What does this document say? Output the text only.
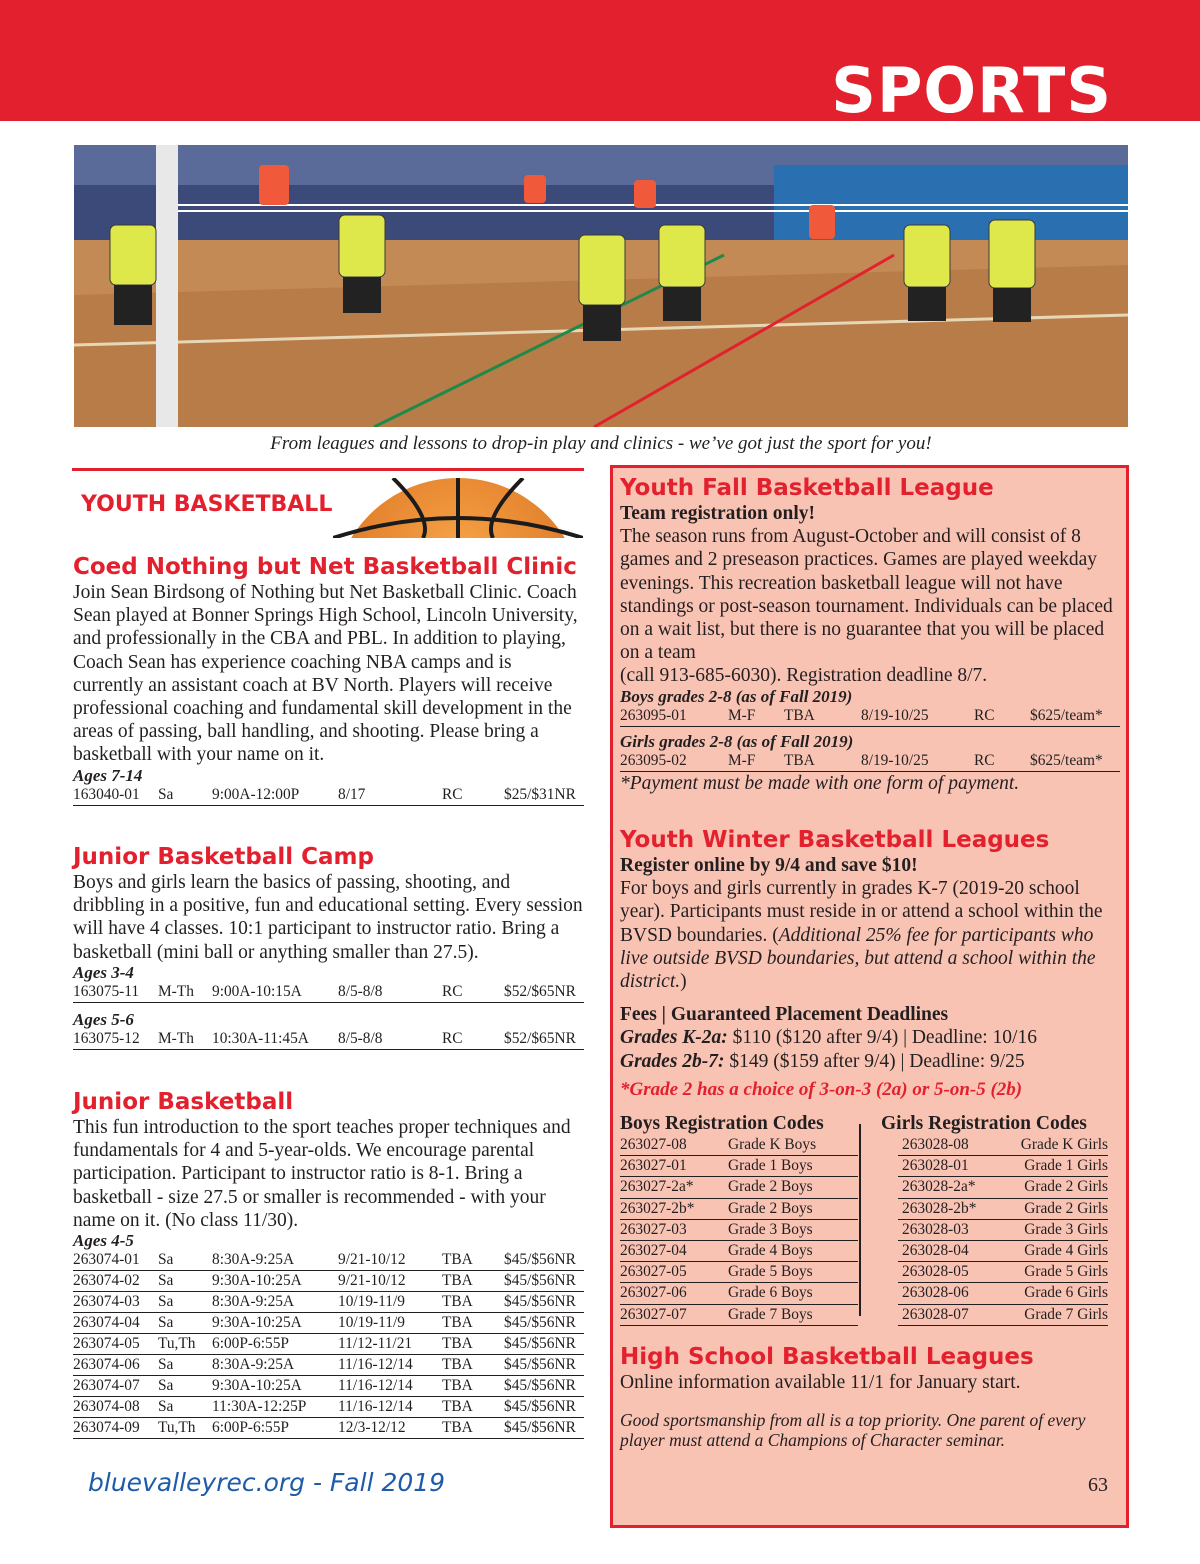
SPORTS
From leagues and lessons to drop-in play and clinics - we’ve got just the sport for you!
YOUTH BASKETBALL
Coed Nothing but Net Basketball Clinic
Join Sean Birdsong of Nothing but Net Basketball Clinic. Coach Sean played at Bonner Springs High School, Lincoln University, and professionally in the CBA and PBL. In addition to playing, Coach Sean has experience coaching NBA camps and is currently an assistant coach at BV North. Players will receive professional coaching and fundamental skill development in the areas of passing, ball handling, and shooting. Please bring a basketball with your name on it.
Ages 7-14
163040-01	Sa	9:00A-12:00P	8/17	RC	$25/$31NR
Junior Basketball Camp
Boys and girls learn the basics of passing, shooting, and dribbling in a positive, fun and educational setting. Every session will have 4 classes. 10:1 participant to instructor ratio. Bring a basketball (mini ball or anything smaller than 27.5).
Ages 3-4
163075-11	M-Th	9:00A-10:15A	8/5-8/8	RC	$52/$65NR
Ages 5-6
163075-12	M-Th	10:30A-11:45A	8/5-8/8	RC	$52/$65NR
Junior Basketball
This fun introduction to the sport teaches proper techniques and fundamentals for 4 and 5-year-olds. We encourage parental participation. Participant to instructor ratio is 8-1. Bring a basketball - size 27.5 or smaller is recommended - with your name on it. (No class 11/30).
Ages 4-5
263074-01	Sa	8:30A-9:25A	9/21-10/12	TBA	$45/$56NR
263074-02	Sa	9:30A-10:25A	9/21-10/12	TBA	$45/$56NR
263074-03	Sa	8:30A-9:25A	10/19-11/9	TBA	$45/$56NR
263074-04	Sa	9:30A-10:25A	10/19-11/9	TBA	$45/$56NR
263074-05	Tu,Th	6:00P-6:55P	11/12-11/21	TBA	$45/$56NR
263074-06	Sa	8:30A-9:25A	11/16-12/14	TBA	$45/$56NR
263074-07	Sa	9:30A-10:25A	11/16-12/14	TBA	$45/$56NR
263074-08	Sa	11:30A-12:25P	11/16-12/14	TBA	$45/$56NR
263074-09	Tu,Th	6:00P-6:55P	12/3-12/12	TBA	$45/$56NR
Youth Fall Basketball League
Team registration only!
The season runs from August-October and will consist of 8 games and 2 preseason practices. Games are played weekday evenings. This recreation basketball league will not have standings or post-season tournament. Individuals can be placed on a wait list, but there is no guarantee that you will be placed on a team
(call 913-685-6030). Registration deadline 8/7.
Boys grades 2-8 (as of Fall 2019)
263095-01	M-F	TBA	8/19-10/25	RC	$625/team*
Girls grades 2-8 (as of Fall 2019)
263095-02	M-F	TBA	8/19-10/25	RC	$625/team*
*Payment must be made with one form of payment.
Youth Winter Basketball Leagues
Register online by 9/4 and save $10!
For boys and girls currently in grades K-7 (2019-20 school year). Participants must reside in or attend a school within the BVSD boundaries. (Additional 25% fee for participants who live outside BVSD boundaries, but attend a school within the district.)
Fees | Guaranteed Placement Deadlines
Grades K-2a: $110 ($120 after 9/4) | Deadline: 10/16
Grades 2b-7: $149 ($159 after 9/4) | Deadline: 9/25
*Grade 2 has a choice of 3-on-3 (2a) or 5-on-5 (2b)
Boys Registration Codes	Girls Registration Codes
263027-08	Grade K Boys	263028-08	Grade K Girls
263027-01	Grade 1 Boys	263028-01	Grade 1 Girls
263027-2a*	Grade 2 Boys	263028-2a*	Grade 2 Girls
263027-2b*	Grade 2 Boys	263028-2b*	Grade 2 Girls
263027-03	Grade 3 Boys	263028-03	Grade 3 Girls
263027-04	Grade 4 Boys	263028-04	Grade 4 Girls
263027-05	Grade 5 Boys	263028-05	Grade 5 Girls
263027-06	Grade 6 Boys	263028-06	Grade 6 Girls
263027-07	Grade 7 Boys	263028-07	Grade 7 Girls
High School Basketball Leagues
Online information available 11/1 for January start.
Good sportsmanship from all is a top priority. One parent of every player must attend a Champions of Character seminar.
bluevalleyrec.org - Fall 2019	63
